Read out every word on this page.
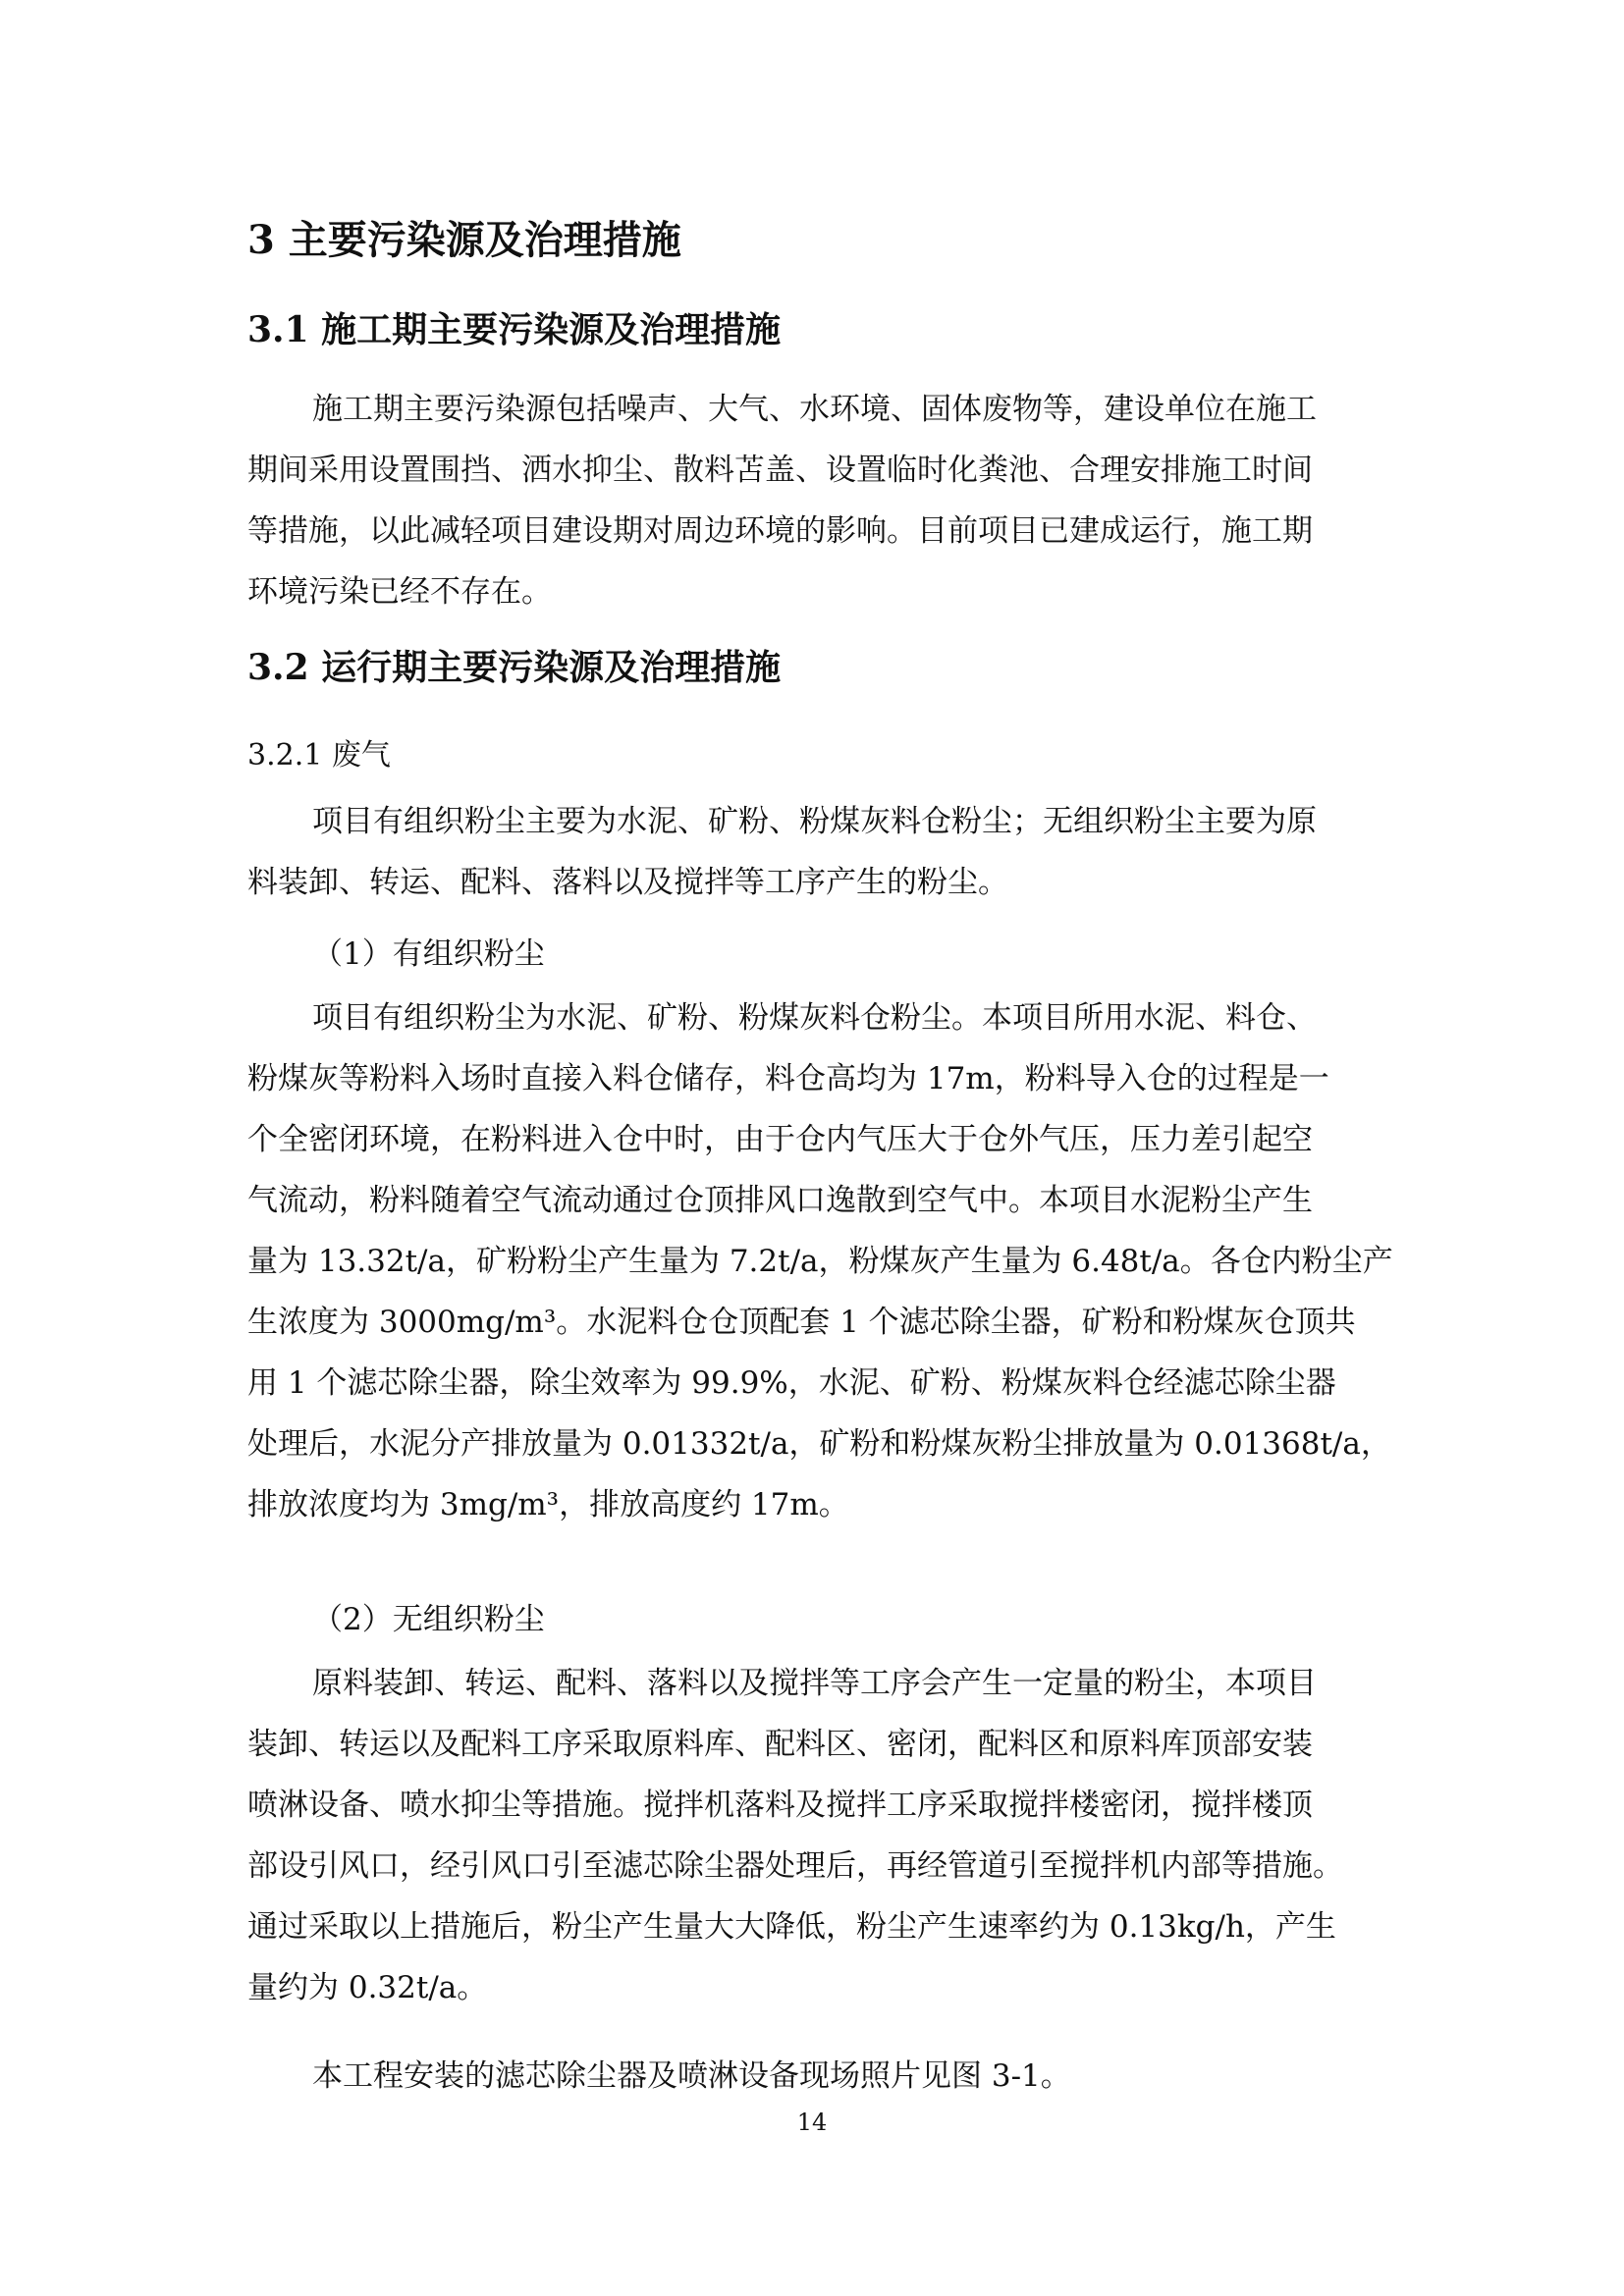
3 主要污染源及治理措施
3.1 施工期主要污染源及治理措施
施工期主要污染源包括噪声、大气、水环境、固体废物等，建设单位在施工
期间采用设置围挡、洒水抑尘、散料苫盖、设置临时化粪池、合理安排施工时间
等措施，以此减轻项目建设期对周边环境的影响。目前项目已建成运行，施工期
环境污染已经不存在。
3.2 运行期主要污染源及治理措施
3.2.1 废气
项目有组织粉尘主要为水泥、矿粉、粉煤灰料仓粉尘；无组织粉尘主要为原
料装卸、转运、配料、落料以及搅拌等工序产生的粉尘。
（1）有组织粉尘
项目有组织粉尘为水泥、矿粉、粉煤灰料仓粉尘。本项目所用水泥、料仓、
粉煤灰等粉料入场时直接入料仓储存，料仓高均为 17m，粉料导入仓的过程是一
个全密闭环境，在粉料进入仓中时，由于仓内气压大于仓外气压，压力差引起空
气流动，粉料随着空气流动通过仓顶排风口逸散到空气中。本项目水泥粉尘产生
量为 13.32t/a，矿粉粉尘产生量为 7.2t/a，粉煤灰产生量为 6.48t/a。各仓内粉尘产
生浓度为 3000mg/m³。水泥料仓仓顶配套 1 个滤芯除尘器，矿粉和粉煤灰仓顶共
用 1 个滤芯除尘器，除尘效率为 99.9%，水泥、矿粉、粉煤灰料仓经滤芯除尘器
处理后，水泥分产排放量为 0.01332t/a，矿粉和粉煤灰粉尘排放量为 0.01368t/a，
排放浓度均为 3mg/m³，排放高度约 17m。
（2）无组织粉尘
原料装卸、转运、配料、落料以及搅拌等工序会产生一定量的粉尘，本项目
装卸、转运以及配料工序采取原料库、配料区、密闭，配料区和原料库顶部安装
喷淋设备、喷水抑尘等措施。搅拌机落料及搅拌工序采取搅拌楼密闭，搅拌楼顶
部设引风口，经引风口引至滤芯除尘器处理后，再经管道引至搅拌机内部等措施。
通过采取以上措施后，粉尘产生量大大降低，粉尘产生速率约为 0.13kg/h，产生
量约为 0.32t/a。
本工程安装的滤芯除尘器及喷淋设备现场照片见图 3-1。
14
